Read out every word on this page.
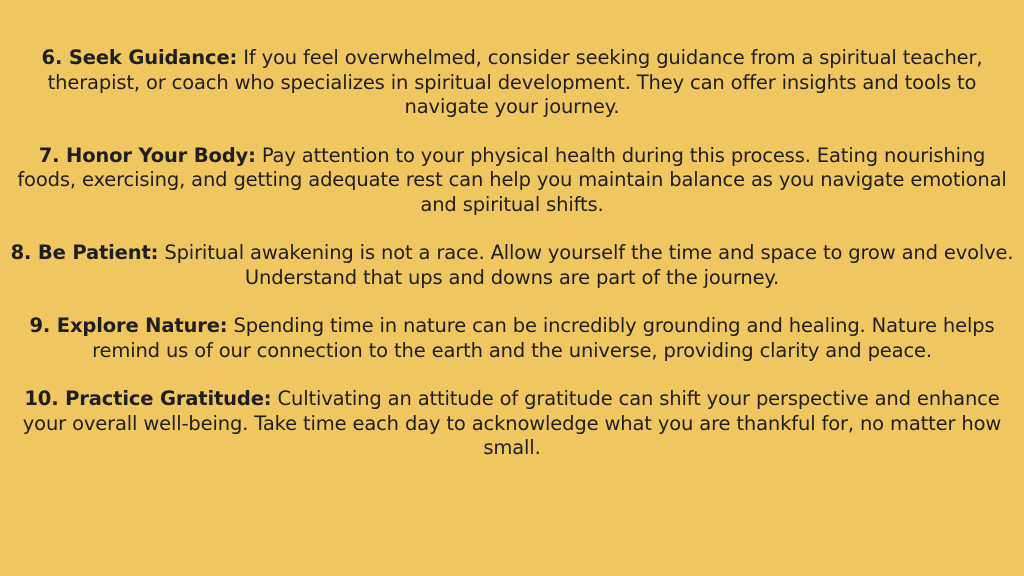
6. Seek Guidance: If you feel overwhelmed, consider seeking guidance from a spiritual teacher, therapist, or coach who specializes in spiritual development. They can offer insights and tools to navigate your journey.

7. Honor Your Body: Pay attention to your physical health during this process. Eating nourishing foods, exercising, and getting adequate rest can help you maintain balance as you navigate emotional and spiritual shifts.

8. Be Patient: Spiritual awakening is not a race. Allow yourself the time and space to grow and evolve. Understand that ups and downs are part of the journey.

9. Explore Nature: Spending time in nature can be incredibly grounding and healing. Nature helps remind us of our connection to the earth and the universe, providing clarity and peace.

10. Practice Gratitude: Cultivating an attitude of gratitude can shift your perspective and enhance your overall well-being. Take time each day to acknowledge what you are thankful for, no matter how small.
